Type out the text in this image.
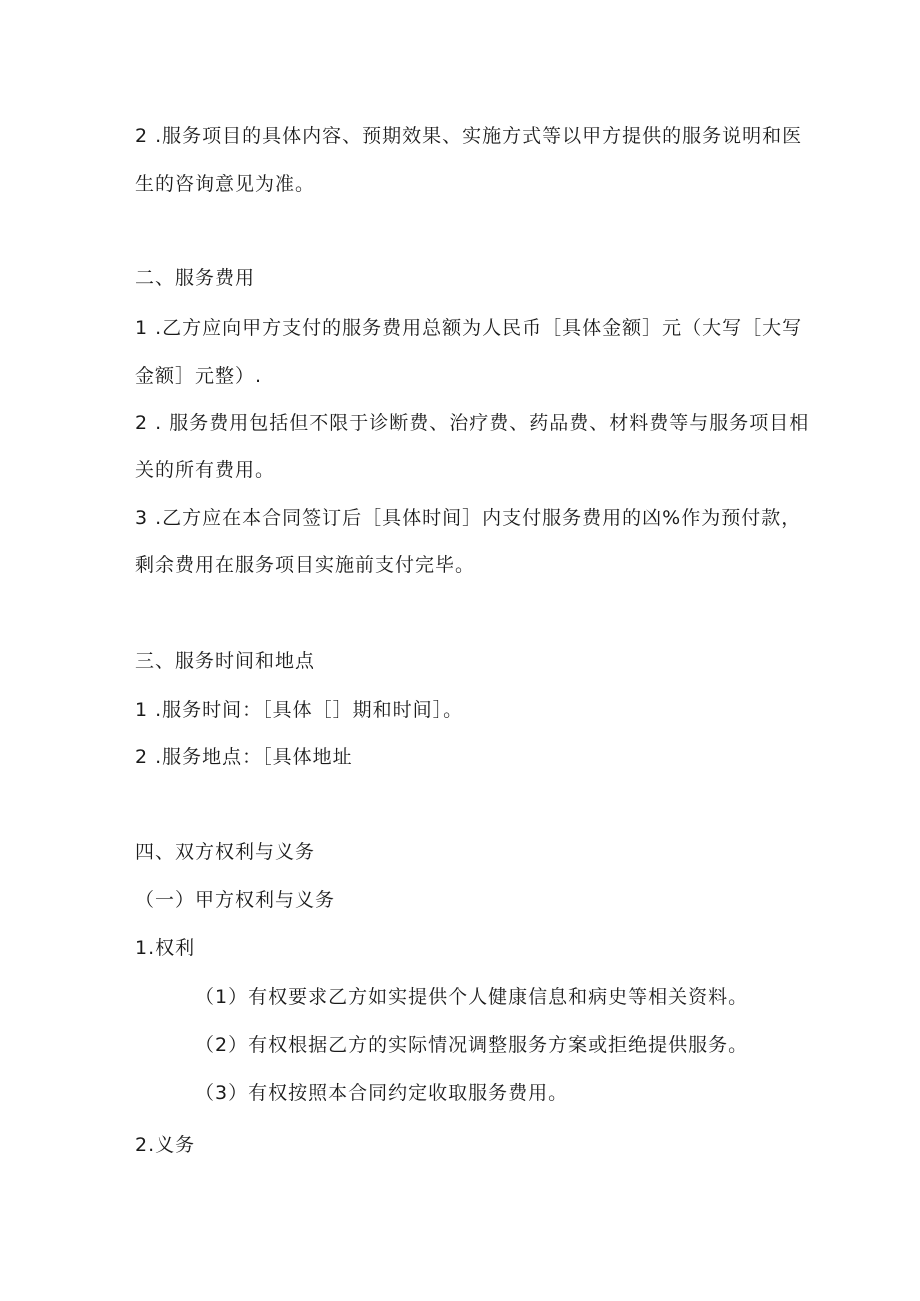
2 .服务项目的具体内容、预期效果、实施方式等以甲方提供的服务说明和医
生的咨询意见为准。
二、服务费用
1 .乙方应向甲方支付的服务费用总额为人民币［具体金额］元（大写［大写
金额］元整）.
2 . 服务费用包括但不限于诊断费、治疗费、药品费、材料费等与服务项目相
关的所有费用。
3 .乙方应在本合同签订后［具体时间］内支付服务费用的凶%作为预付款，
剩余费用在服务项目实施前支付完毕。
三、服务时间和地点
1 .服务时间：［具体［］期和时间］。
2 .服务地点：［具体地址
四、双方权利与义务
（一）甲方权利与义务
1.权利
（1）有权要求乙方如实提供个人健康信息和病史等相关资料。
（2）有权根据乙方的实际情况调整服务方案或拒绝提供服务。
（3）有权按照本合同约定收取服务费用。
2.义务
